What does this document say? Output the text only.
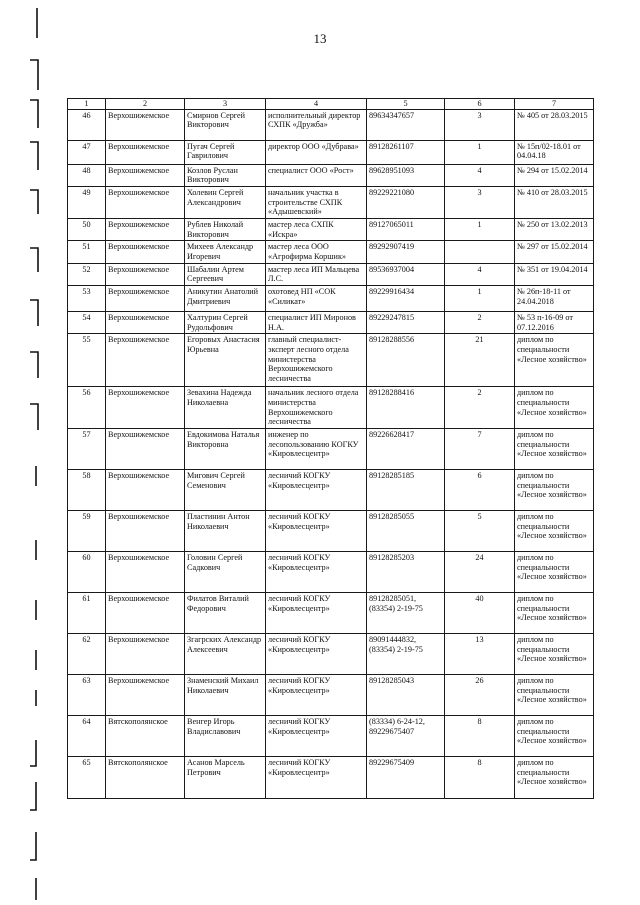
13
1	2	3	4	5	6	7
46	Верхошижемское	Смирнов Сергей Викторович	исполнительный директор СХПК «Дружба»	89634347657	3	№ 405 от 28.03.2015
47	Верхошижемское	Пугач Сергей Гаврилович	директор ООО «Дубрава»	89128261107	1	№ 15п/02-18.01 от 04.04.18
48	Верхошижемское	Козлов Руслан Викторович	специалист ООО «Рост»	89628951093	4	№ 294 от 15.02.2014
49	Верхошижемское	Холевин Сергей Александрович	начальник участка в строительстве СХПК «Адышевский»	89229221080	3	№ 410 от 28.03.2015
50	Верхошижемское	Рублев Николай Викторович	мастер леса СХПК «Искра»	89127065011	1	№ 250 от 13.02.2013
51	Верхошижемское	Михеев Александр Игоревич	мастер леса ООО «Агрофирма Коршик»	89292907419		№ 297 от 15.02.2014
52	Верхошижемское	Шабалин Артем Сергеевич	мастер леса ИП Мальцева Л.С.	89536937004	4	№ 351 от 19.04.2014
53	Верхошижемское	Аникутин Анатолий Дмитриевич	охотовед НП «СОК «Силикат»	89229916434	1	№ 26п-18-11 от 24.04.2018
54	Верхошижемское	Халтурин Сергей Рудольфович	специалист ИП Миронов Н.А.	89229247815	2	№ 53 п-16-09 от 07.12.2016
55	Верхошижемское	Егоровых Анастасия Юрьевна	главный специалист-эксперт лесного отдела министерства Верхошижемского лесничества	89128288556	21	диплом по специальности «Лесное хозяйство»
56	Верхошижемское	Зевахина Надежда Николаевна	начальник лесного отдела министерства Верхошижемского лесничества	89128288416	2	диплом по специальности «Лесное хозяйство»
57	Верхошижемское	Евдокимова Наталья Викторовна	инженер по лесопользованию КОГКУ «Кировлесцентр»	89226628417	7	диплом по специальности «Лесное хозяйство»
58	Верхошижемское	Мигович Сергей Семенович	лесничий КОГКУ «Кировлесцентр»	89128285185	6	диплом по специальности «Лесное хозяйство»
59	Верхошижемское	Пластинин Антон Николаевич	лесничий КОГКУ «Кировлесцентр»	89128285055	5	диплом по специальности «Лесное хозяйство»
60	Верхошижемское	Головин Сергей Садкович	лесничий КОГКУ «Кировлесцентр»	89128285203	24	диплом по специальности «Лесное хозяйство»
61	Верхошижемское	Филатов Виталий Федорович	лесничий КОГКУ «Кировлесцентр»	89128285051, (83354) 2-19-75	40	диплом по специальности «Лесное хозяйство»
62	Верхошижемское	Згагрских Александр Алексеевич	лесничий КОГКУ «Кировлесцентр»	89091444832, (83354) 2-19-75	13	диплом по специальности «Лесное хозяйство»
63	Верхошижемское	Знаменский Михаил Николаевич	лесничий КОГКУ «Кировлесцентр»	89128285043	26	диплом по специальности «Лесное хозяйство»
64	Вятскополянское	Венгер Игорь Владиславович	лесничий КОГКУ «Кировлесцентр»	(83334) 6-24-12, 89229675407	8	диплом по специальности «Лесное хозяйство»
65	Вятскополянское	Асанов Марсель Петрович	лесничий КОГКУ «Кировлесцентр»	89229675409	8	диплом по специальности «Лесное хозяйство»
